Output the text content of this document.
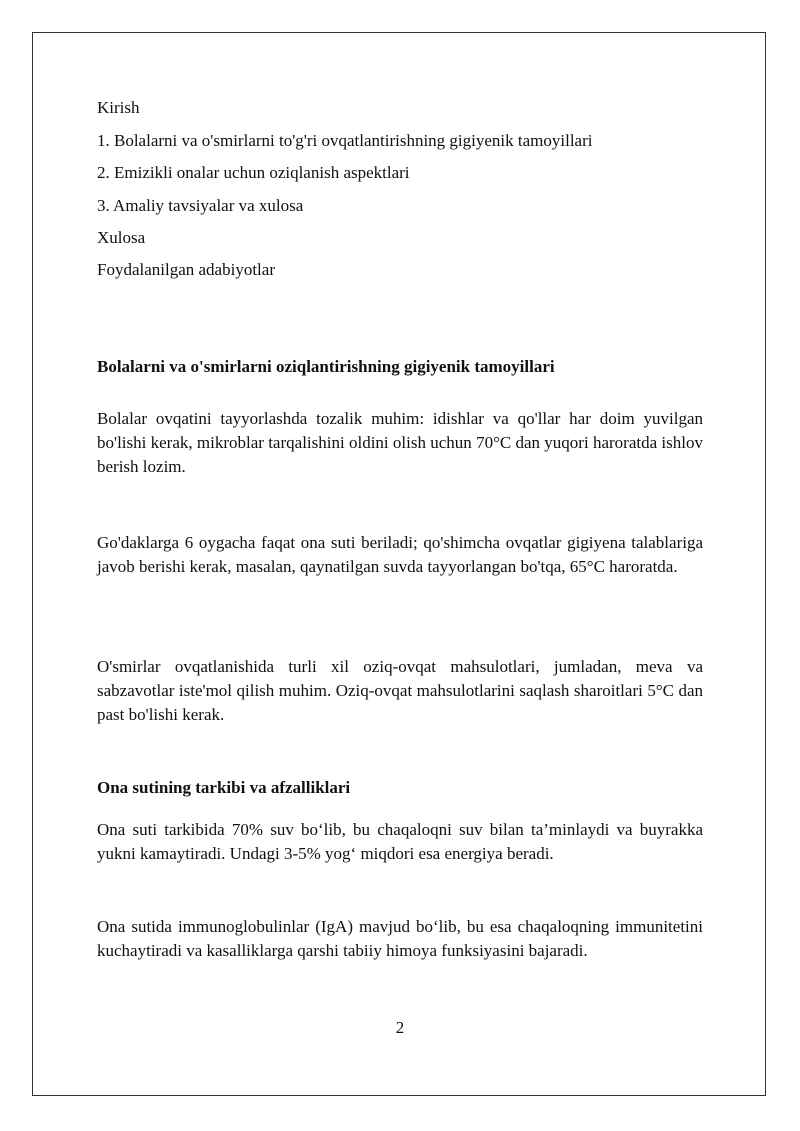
Kirish
1. Bolalarni va o'smirlarni to'g'ri ovqatlantirishning gigiyenik tamoyillari
2. Emizikli onalar uchun oziqlanish aspektlari
3. Amaliy tavsiyalar va xulosa
Xulosa
Foydalanilgan adabiyotlar
Bolalarni va o'smirlarni oziqlantirishning gigiyenik tamoyillari

Bolalar ovqatini tayyorlashda tozalik muhim: idishlar va qo'llar har doim yuvilgan bo'lishi kerak, mikroblar tarqalishini oldini olish uchun 70°C dan yuqori haroratda ishlov berish lozim.

Go'daklarga 6 oygacha faqat ona suti beriladi; qo'shimcha ovqatlar gigiyena talablariga javob berishi kerak, masalan, qaynatilgan suvda tayyorlangan bo'tqa, 65°C haroratda.

O'smirlar ovqatlanishida turli xil oziq-ovqat mahsulotlari, jumladan, meva va sabzavotlar iste'mol qilish muhim. Oziq-ovqat mahsulotlarini saqlash sharoitlari 5°C dan past bo'lishi kerak.

Ona sutining tarkibi va afzalliklari

Ona suti tarkibida 70% suv bo‘lib, bu chaqaloqni suv bilan ta’minlaydi va buyrakka yukni kamaytiradi. Undagi 3-5% yog‘ miqdori esa energiya beradi.

Ona sutida immunoglobulinlar (IgA) mavjud bo‘lib, bu esa chaqaloqning immunitetini kuchaytiradi va kasalliklarga qarshi tabiiy himoya funksiyasini bajaradi.

2
